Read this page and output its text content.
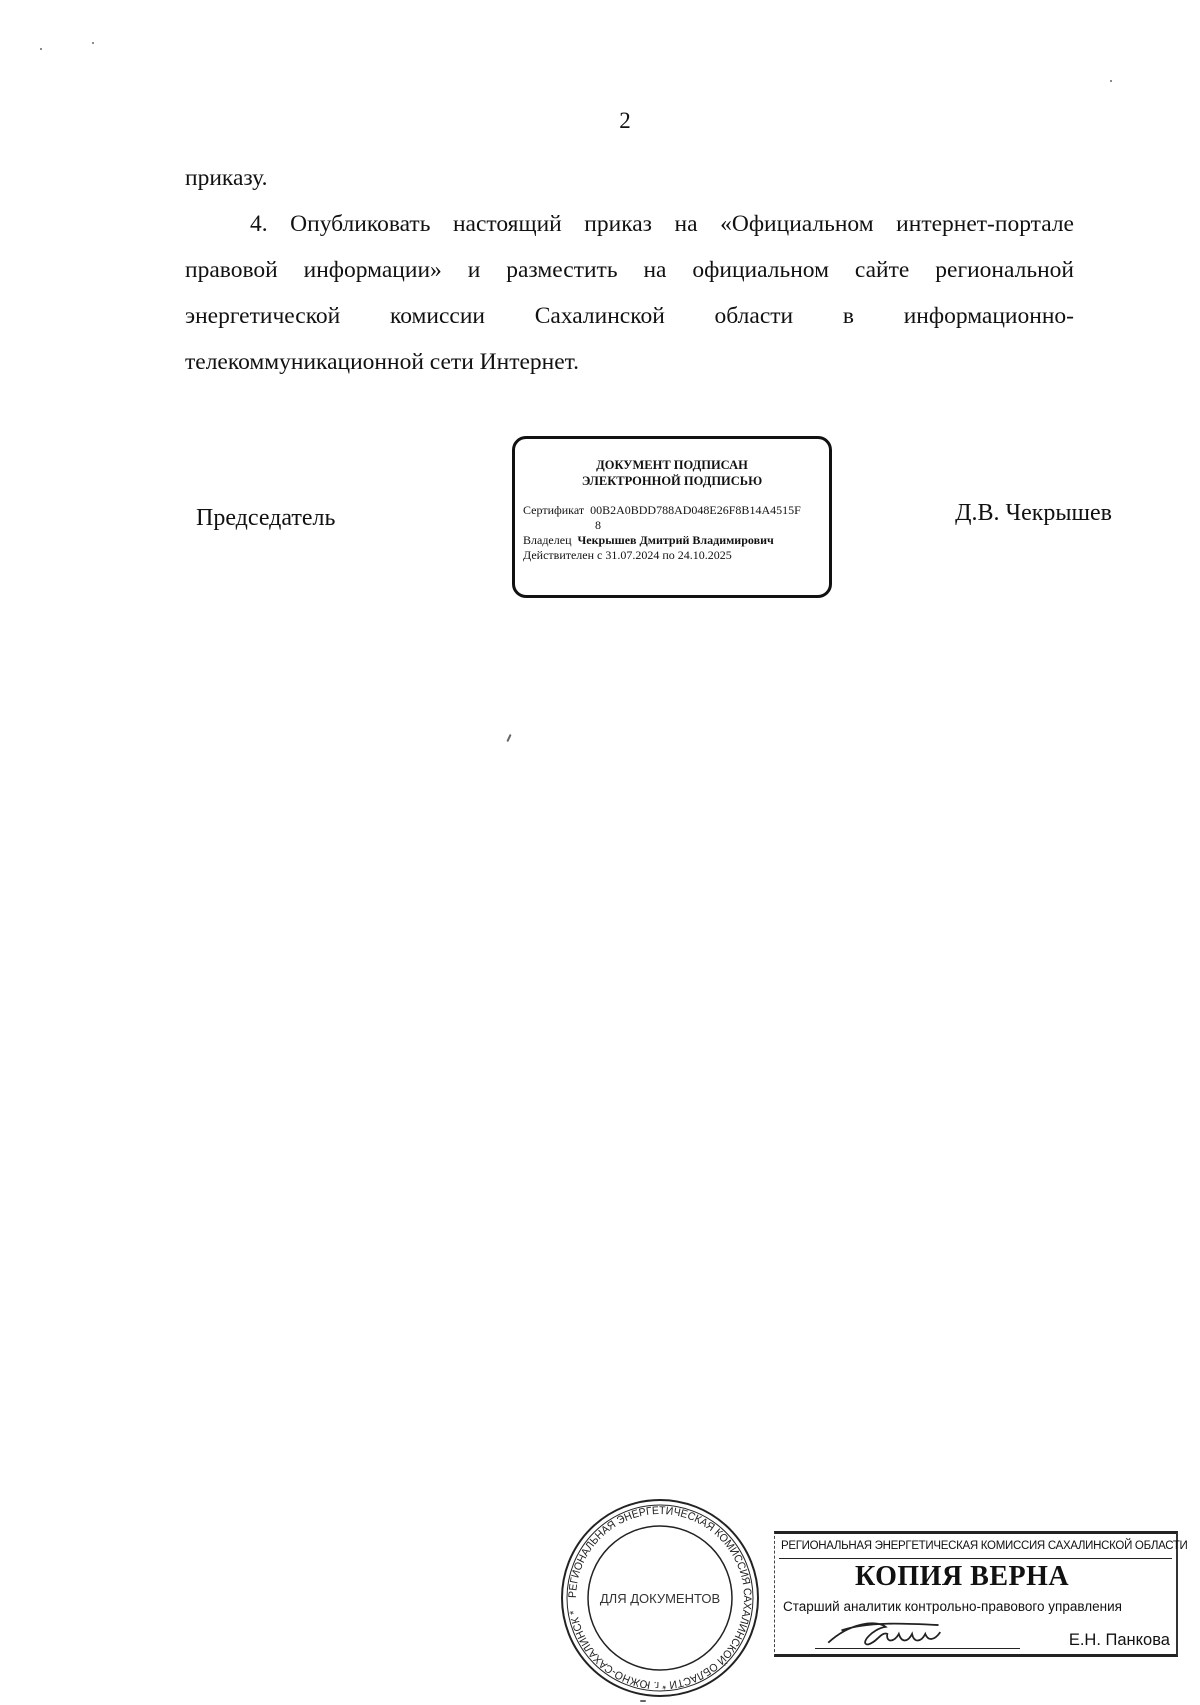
2
приказу.
4. Опубликовать настоящий приказ на «Официальном интернет-портале
правовой информации» и разместить на официальном сайте региональной
энергетической комиссии Сахалинской области в информационно-
телекоммуникационной сети Интернет.
Председатель	Д.В. Чекрышев
ДОКУМЕНТ ПОДПИСАН
ЭЛЕКТРОННОЙ ПОДПИСЬЮ
Сертификат 00B2A0BDD788AD048E26F8B14A4515F
8
Владелец Чекрышев Дмитрий Владимирович
Действителен с 31.07.2024 по 24.10.2025
РЕГИОНАЛЬНАЯ ЭНЕРГЕТИЧЕСКАЯ КОМИССИЯ САХАЛИНСКОЙ ОБЛАСТИ * г. ЮЖНО-САХАЛИНСК *
ДЛЯ ДОКУМЕНТОВ
РЕГИОНАЛЬНАЯ ЭНЕРГЕТИЧЕСКАЯ КОМИССИЯ САХАЛИНСКОЙ ОБЛАСТИ
КОПИЯ ВЕРНА
Старший аналитик контрольно-правового управления
Е.Н. Панкова
